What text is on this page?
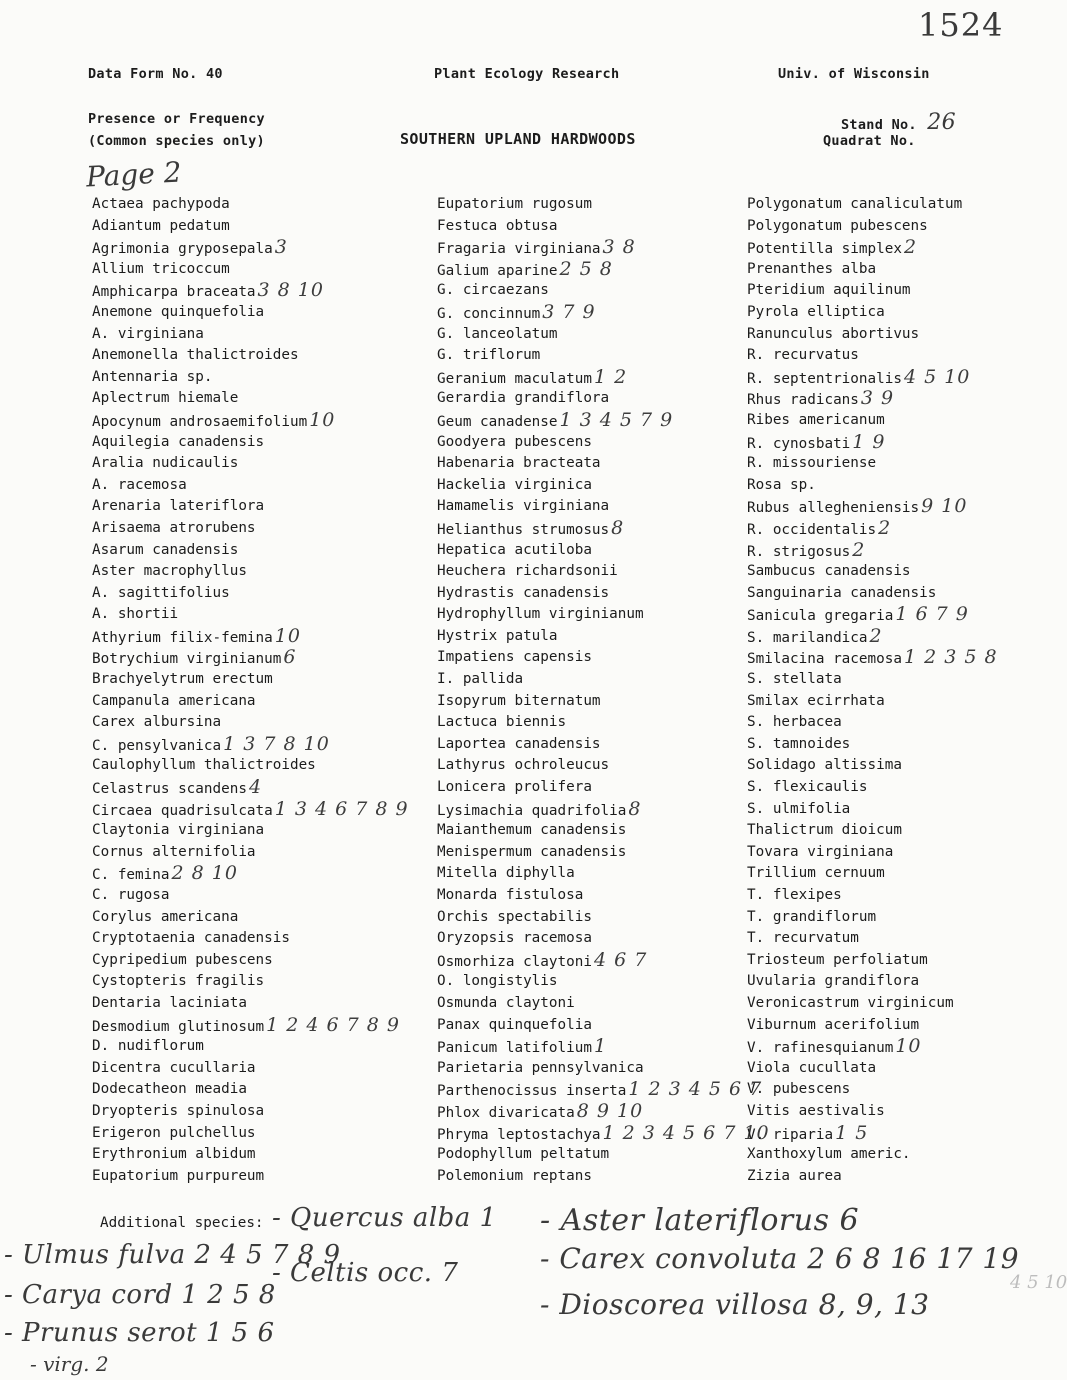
1524
Data Form No. 40	Plant Ecology Research	Univ. of Wisconsin
Presence or Frequency
(Common species only)	SOUTHERN UPLAND HARDWOODS
Stand No. 26
Quadrat No.
Page 2
Actaea pachypoda
Adiantum pedatum
Agrimonia gryposepala 3
Allium tricoccum
Amphicarpa braceata 3 8 10
Anemone quinquefolia
A. virginiana
Anemonella thalictroides
Antennaria sp.
Aplectrum hiemale
Apocynum androsaemifolium 10
Aquilegia canadensis
Aralia nudicaulis
A. racemosa
Arenaria lateriflora
Arisaema atrorubens
Asarum canadensis
Aster macrophyllus
A. sagittifolius
A. shortii
Athyrium filix-femina 10
Botrychium virginianum 6
Brachyelytrum erectum
Campanula americana
Carex albursina
C. pensylvanica 1 3 7 8 10
Caulophyllum thalictroides
Celastrus scandens 4
Circaea quadrisulcata 1 3 4 6 7 8 9
Claytonia virginiana
Cornus alternifolia
C. femina 2 8 10
C. rugosa
Corylus americana
Cryptotaenia canadensis
Cypripedium pubescens
Cystopteris fragilis
Dentaria laciniata
Desmodium glutinosum 1 2 4 6 7 8 9
D. nudiflorum
Dicentra cucullaria
Dodecatheon meadia
Dryopteris spinulosa
Erigeron pulchellus
Erythronium albidum
Eupatorium purpureum
Eupatorium rugosum
Festuca obtusa
Fragaria virginiana 3 8
Galium aparine 2 5 8
G. circaezans
G. concinnum 3 7 9
G. lanceolatum
G. triflorum
Geranium maculatum 1 2
Gerardia grandiflora
Geum canadense 1 3 4 5 7 9
Goodyera pubescens
Habenaria bracteata
Hackelia virginica
Hamamelis virginiana
Helianthus strumosus 8
Hepatica acutiloba
Heuchera richardsonii
Hydrastis canadensis
Hydrophyllum virginianum
Hystrix patula
Impatiens capensis
I. pallida
Isopyrum biternatum
Lactuca biennis
Laportea canadensis
Lathyrus ochroleucus
Lonicera prolifera
Lysimachia quadrifolia 8
Maianthemum canadensis
Menispermum canadensis
Mitella diphylla
Monarda fistulosa
Orchis spectabilis
Oryzopsis racemosa
Osmorhiza claytoni 4 6 7
O. longistylis
Osmunda claytoni
Panax quinquefolia
Panicum latifolium 1
Parietaria pennsylvanica
Parthenocissus inserta 1 2 3 4 5 6 7
Phlox divaricata 8 9 10
Phryma leptostachya 1 2 3 4 5 6 7 10
Podophyllum peltatum
Polemonium reptans
Polygonatum canaliculatum
Polygonatum pubescens
Potentilla simplex 2
Prenanthes alba
Pteridium aquilinum
Pyrola elliptica
Ranunculus abortivus
R. recurvatus
R. septentrionalis 4 5 10
Rhus radicans 3 9
Ribes americanum
R. cynosbati 1 9
R. missouriense
Rosa sp.
Rubus allegheniensis 9 10
R. occidentalis 2
R. strigosus 2
Sambucus canadensis
Sanguinaria canadensis
Sanicula gregaria 1 6 7 9
S. marilandica 2
Smilacina racemosa 1 2 3 5 8
S. stellata
Smilax ecirrhata
S. herbacea
S. tamnoides
Solidago altissima
S. flexicaulis
S. ulmifolia
Thalictrum dioicum
Tovara virginiana
Trillium cernuum
T. flexipes
T. grandiflorum
T. recurvatum
Triosteum perfoliatum
Uvularia grandiflora
Veronicastrum virginicum
Viburnum acerifolium
V. rafinesquianum 10
Viola cucullata
V. pubescens
Vitis aestivalis
V. riparia 1 5
Xanthoxylum americ.
Zizia aurea
Additional species: - Quercus alba 1
- Ulmus fulva 2 4 5 7 8 9
- Celtis occ. 7
- Carya cord 1 2 5 8
- Prunus serot 1 5 6
- virg. 2
- Aster lateriflorus 6
- Carex convoluta 2 6 8 16 17 19
- Dioscorea villosa 8, 9, 13
4 5 10
